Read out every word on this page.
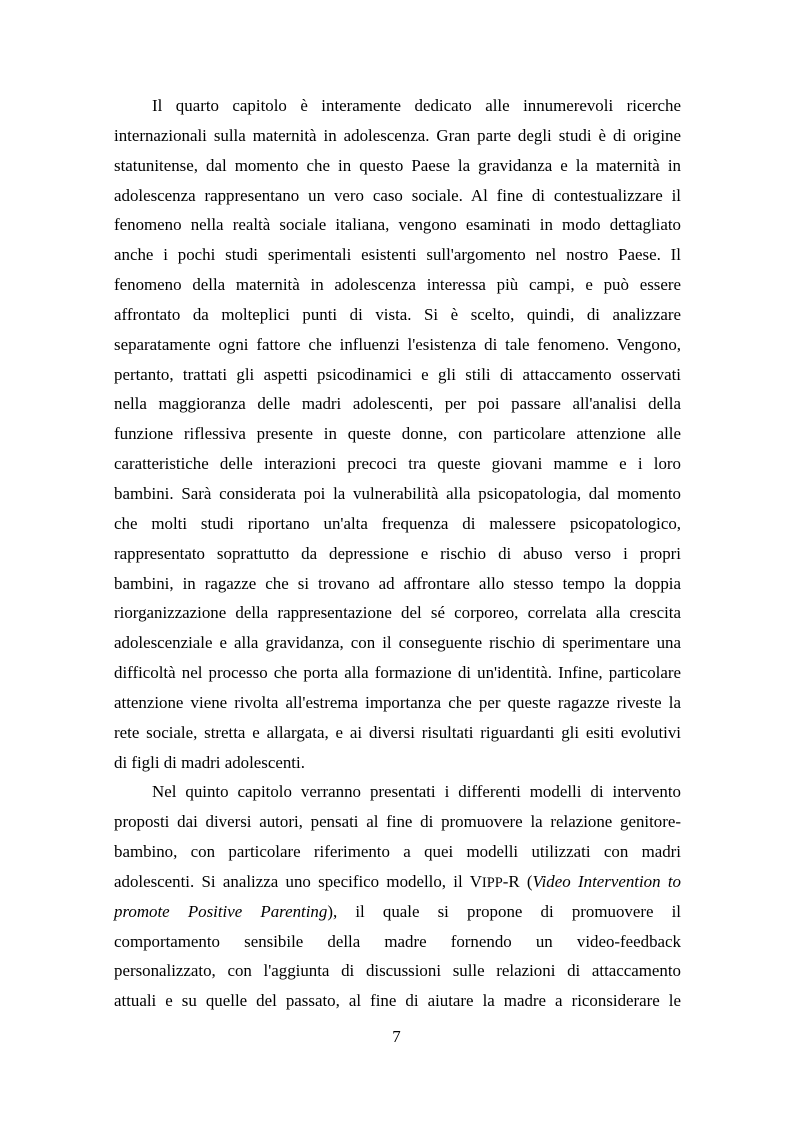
Il quarto capitolo è interamente dedicato alle innumerevoli ricerche
internazionali sulla maternità in adolescenza. Gran parte degli studi è di origine
statunitense, dal momento che in questo Paese la gravidanza e la maternità in
adolescenza rappresentano un vero caso sociale. Al fine di contestualizzare il
fenomeno nella realtà sociale italiana, vengono esaminati in modo dettagliato
anche i pochi studi sperimentali esistenti sull'argomento nel nostro Paese. Il
fenomeno della maternità in adolescenza interessa più campi, e può essere
affrontato da molteplici punti di vista. Si è scelto, quindi, di analizzare
separatamente ogni fattore che influenzi l'esistenza di tale fenomeno. Vengono,
pertanto, trattati gli aspetti psicodinamici e gli stili di attaccamento osservati
nella maggioranza delle madri adolescenti, per poi passare all'analisi della
funzione riflessiva presente in queste donne, con particolare attenzione alle
caratteristiche delle interazioni precoci tra queste giovani mamme e i loro
bambini. Sarà considerata poi la vulnerabilità alla psicopatologia, dal momento
che molti studi riportano un'alta frequenza di malessere psicopatologico,
rappresentato soprattutto da depressione e rischio di abuso verso i propri
bambini, in ragazze che si trovano ad affrontare allo stesso tempo la doppia
riorganizzazione della rappresentazione del sé corporeo, correlata alla crescita
adolescenziale e alla gravidanza, con il conseguente rischio di sperimentare una
difficoltà nel processo che porta alla formazione di un'identità. Infine, particolare
attenzione viene rivolta all'estrema importanza che per queste ragazze riveste la
rete sociale, stretta e allargata, e ai diversi risultati riguardanti gli esiti evolutivi
di figli di madri adolescenti.
Nel quinto capitolo verranno presentati i differenti modelli di intervento
proposti dai diversi autori, pensati al fine di promuovere la relazione genitore-
bambino, con particolare riferimento a quei modelli utilizzati con madri
adolescenti. Si analizza uno specifico modello, il VIPP-R (Video Intervention to
promote Positive Parenting), il quale si propone di promuovere il
comportamento sensibile della madre fornendo un video-feedback
personalizzato, con l'aggiunta di discussioni sulle relazioni di attaccamento
attuali e su quelle del passato, al fine di aiutare la madre a riconsiderare le
7
